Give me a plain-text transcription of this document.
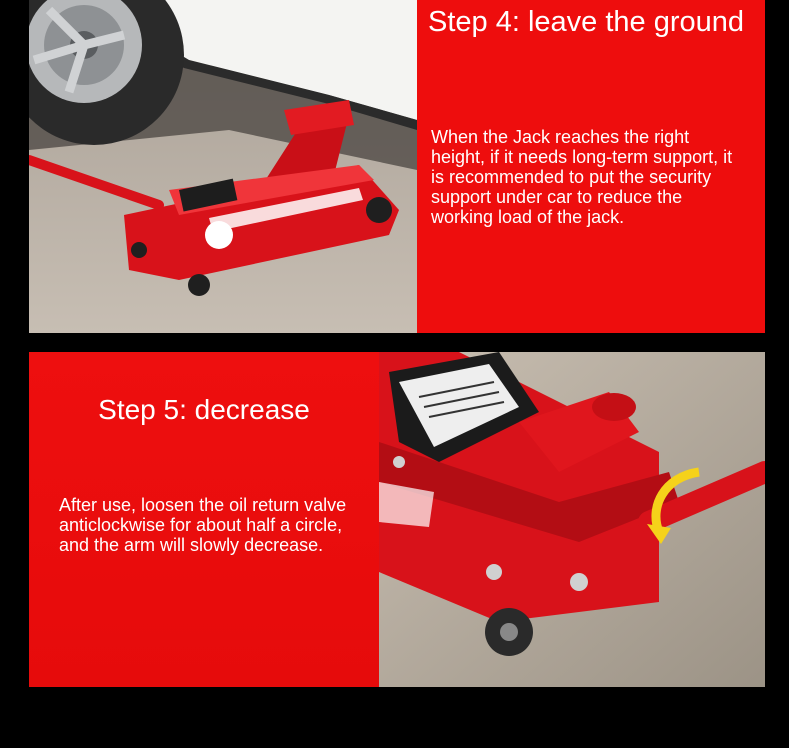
Step 4: leave the ground
When the Jack reaches the right height, if it needs long-term support, it is recommended to put the security support under car to reduce the working load of the jack.
Step 5: decrease
After use, loosen the oil return valve anticlockwise for about half a circle, and the arm will slowly decrease.
